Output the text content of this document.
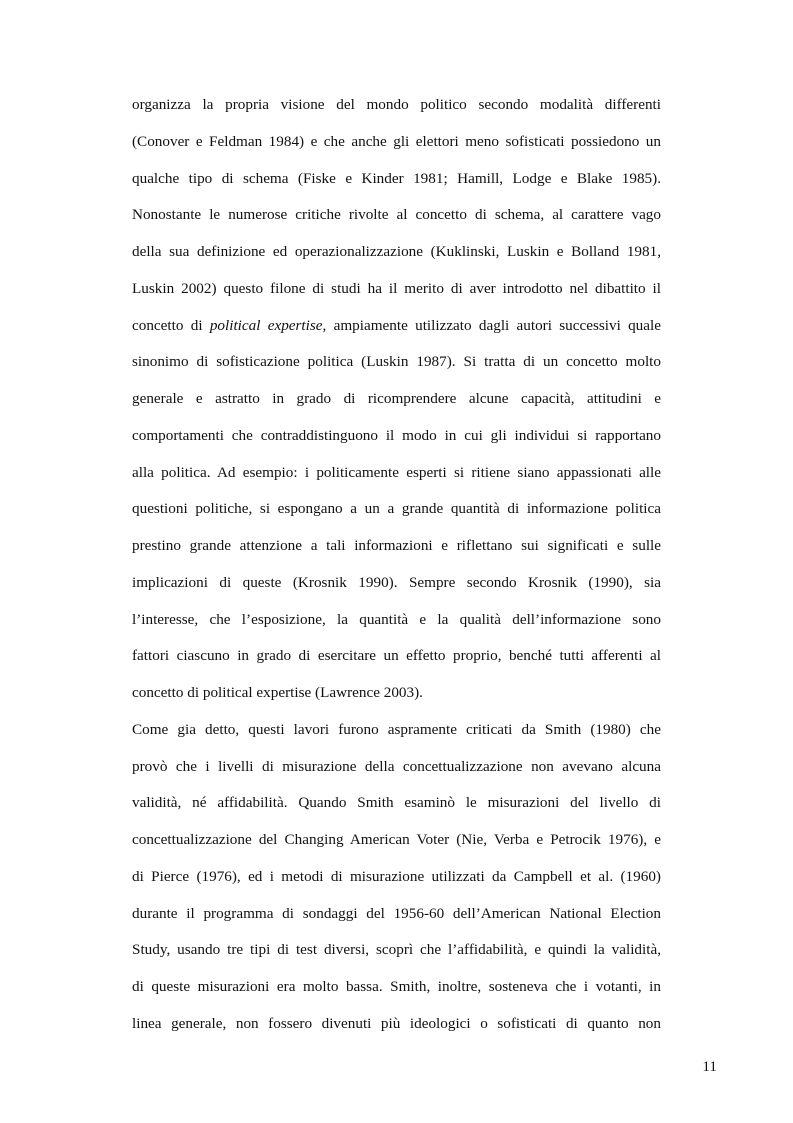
organizza la propria visione del mondo politico secondo modalità differenti
(Conover e Feldman 1984) e che anche gli elettori meno sofisticati possiedono un
qualche tipo di schema (Fiske e Kinder 1981; Hamill, Lodge e Blake 1985).
Nonostante le numerose critiche rivolte al concetto di schema, al carattere vago
della sua definizione ed operazionalizzazione (Kuklinski, Luskin e Bolland 1981,
Luskin 2002) questo filone di studi ha il merito di aver introdotto nel dibattito il
concetto di political expertise, ampiamente utilizzato dagli autori successivi quale
sinonimo di sofisticazione politica (Luskin 1987). Si tratta di un concetto molto
generale e astratto in grado di ricomprendere alcune capacità, attitudini e
comportamenti che contraddistinguono il modo in cui gli individui si rapportano
alla politica. Ad esempio: i politicamente esperti si ritiene siano appassionati alle
questioni politiche, si espongano a un a grande quantità di informazione politica
prestino grande attenzione a tali informazioni e riflettano sui significati e sulle
implicazioni di queste (Krosnik 1990). Sempre secondo Krosnik (1990), sia
l’interesse, che l’esposizione, la quantità e la qualità dell’informazione sono
fattori ciascuno in grado di esercitare un effetto proprio, benché tutti afferenti al
concetto di political expertise (Lawrence 2003).
Come gia detto, questi lavori furono aspramente criticati da Smith (1980) che
provò che i livelli di misurazione della concettualizzazione non avevano alcuna
validità, né affidabilità. Quando Smith esaminò le misurazioni del livello di
concettualizzazione del Changing American Voter (Nie, Verba e Petrocik 1976), e
di Pierce (1976), ed i metodi di misurazione utilizzati da Campbell et al. (1960)
durante il programma di sondaggi del 1956-60 dell’American National Election
Study, usando tre tipi di test diversi, scoprì che l’affidabilità, e quindi la validità,
di queste misurazioni era molto bassa. Smith, inoltre, sosteneva che i votanti, in
linea generale, non fossero divenuti più ideologici o sofisticati di quanto non
11
